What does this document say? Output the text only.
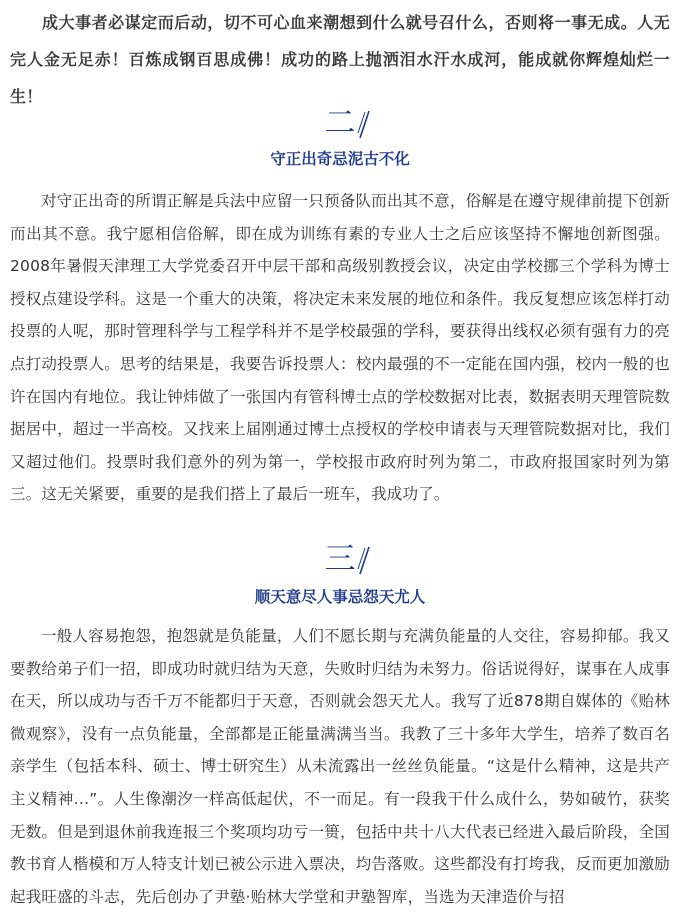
成大事者必谋定而后动，切不可心血来潮想到什么就号召什么，否则将一事无成。人无完人金无足赤！百炼成钢百思成佛！成功的路上抛洒泪水汗水成河，能成就你辉煌灿烂一生！

二
守正出奇忌泥古不化

对守正出奇的所谓正解是兵法中应留一只预备队而出其不意，俗解是在遵守规律前提下创新而出其不意。我宁愿相信俗解，即在成为训练有素的专业人士之后应该坚持不懈地创新图强。2008年暑假天津理工大学党委召开中层干部和高级别教授会议，决定由学校挪三个学科为博士授权点建设学科。这是一个重大的决策，将决定未来发展的地位和条件。我反复想应该怎样打动投票的人呢，那时管理科学与工程学科并不是学校最强的学科，要获得出线权必须有强有力的亮点打动投票人。思考的结果是，我要告诉投票人：校内最强的不一定能在国内强，校内一般的也许在国内有地位。我让钟炜做了一张国内有管科博士点的学校数据对比表，数据表明天理管院数据居中，超过一半高校。又找来上届刚通过博士点授权的学校申请表与天理管院数据对比，我们又超过他们。投票时我们意外的列为第一，学校报市政府时列为第二，市政府报国家时列为第三。这无关紧要，重要的是我们搭上了最后一班车，我成功了。

三
顺天意尽人事忌怨天尤人

一般人容易抱怨，抱怨就是负能量，人们不愿长期与充满负能量的人交往，容易抑郁。我又要教给弟子们一招，即成功时就归结为天意，失败时归结为未努力。俗话说得好，谋事在人成事在天，所以成功与否千万不能都归于天意，否则就会怨天尤人。我写了近878期自媒体的《贻林微观察》，没有一点负能量，全部都是正能量满满当当。我教了三十多年大学生，培养了数百名亲学生（包括本科、硕士、博士研究生）从未流露出一丝丝负能量。“这是什么精神，这是共产主义精神…”。人生像潮汐一样高低起伏，不一而足。有一段我干什么成什么，势如破竹，获奖无数。但是到退休前我连报三个奖项均功亏一篑，包括中共十八大代表已经进入最后阶段，全国教书育人楷模和万人特支计划已被公示进入票决，均告落败。这些都没有打垮我，反而更加激励起我旺盛的斗志，先后创办了尹塾·贻林大学堂和尹塾智库，当选为天津造价与招
